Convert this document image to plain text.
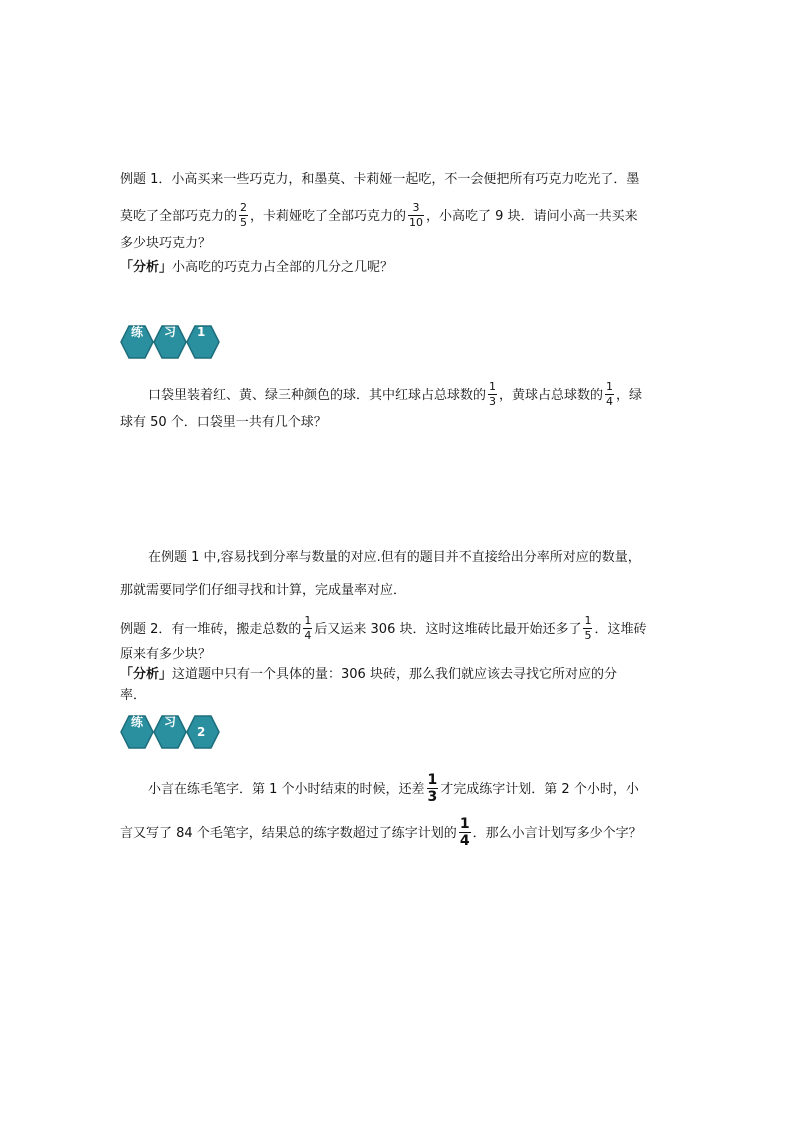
例题 1．小高买来一些巧克力，和墨莫、卡莉娅一起吃，不一会便把所有巧克力吃光了．墨
莫吃了全部巧克力的 $\frac{2}{5}$ ，卡莉娅吃了全部巧克力的 $\frac{3}{10}$ ，小高吃了 9 块．请问小高一共买来
多少块巧克力？
「分析」小高吃的巧克力占全部的几分之几呢？
练 习 1
口袋里装着红、黄、绿三种颜色的球．其中红球占总球数的 $\frac{1}{3}$ ，黄球占总球数的 $\frac{1}{4}$ ，绿
球有 50 个．口袋里一共有几个球？
在例题 1 中,容易找到分率与数量的对应.但有的题目并不直接给出分率所对应的数量，
那就需要同学们仔细寻找和计算，完成量率对应．
例题 2．有一堆砖，搬走总数的 $\frac{1}{4}$ 后又运来 306 块．这时这堆砖比最开始还多了 $\frac{1}{5}$ ．这堆砖
原来有多少块？
「分析」这道题中只有一个具体的量：306 块砖，那么我们就应该去寻找它所对应的分
率．
练 习
2
小言在练毛笔字．第 1 个小时结束的时候，还差 $\frac{1}{3}$ 才完成练字计划．第 2 个小时，小
言又写了 84 个毛笔字，结果总的练字数超过了练字计划的 $\frac{1}{4}$ ．那么小言计划写多少个字？
